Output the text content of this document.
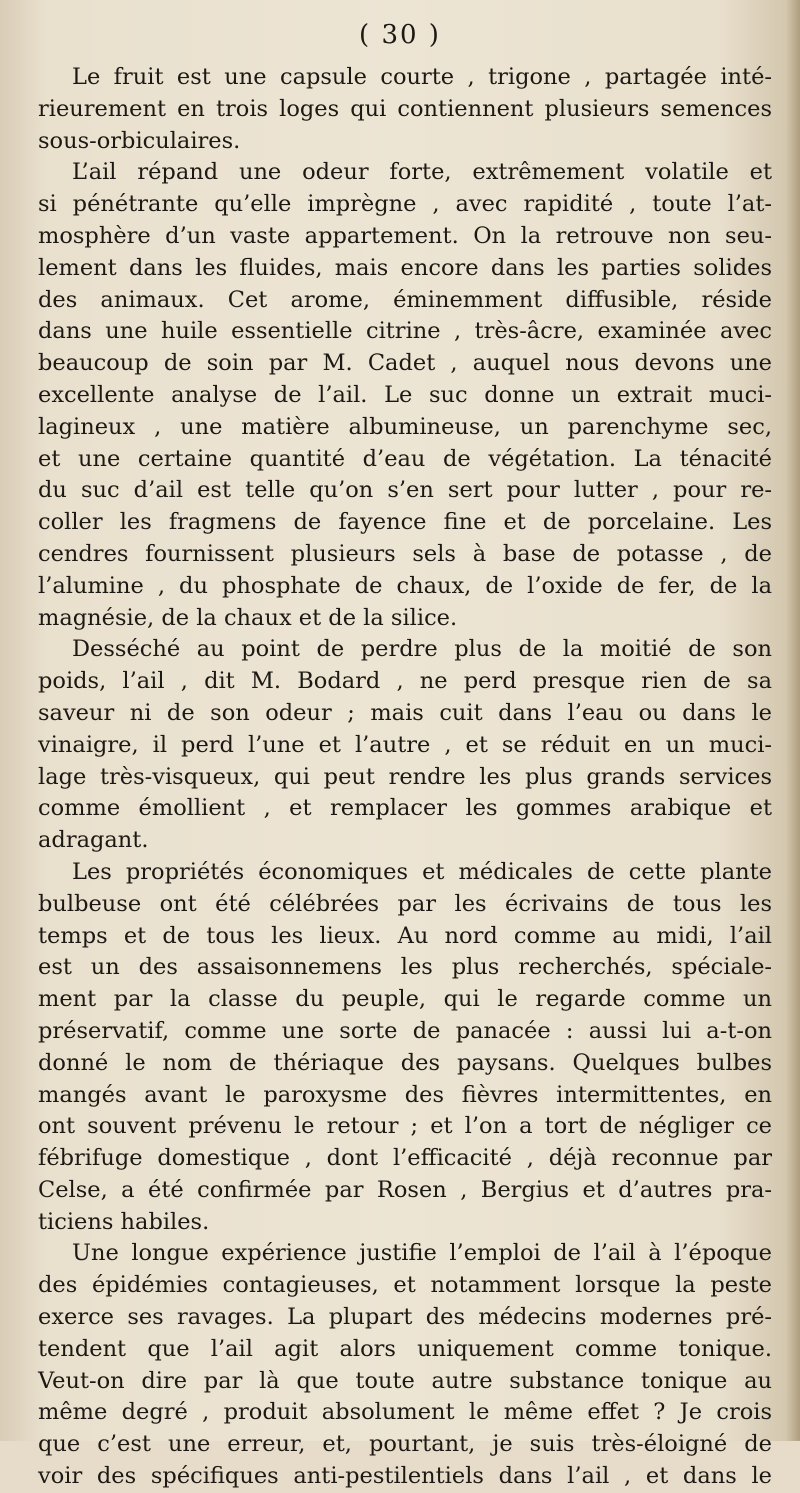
( 30 )
Le fruit est une capsule courte , trigone , partagée inté-
rieurement en trois loges qui contiennent plusieurs semences
sous-orbiculaires.
L’ail répand une odeur forte, extrêmement volatile et
si pénétrante qu’elle imprègne , avec rapidité , toute l’at-
mosphère d’un vaste appartement. On la retrouve non seu-
lement dans les fluides, mais encore dans les parties solides
des animaux. Cet arome, éminemment diffusible, réside
dans une huile essentielle citrine , très-âcre, examinée avec
beaucoup de soin par M. Cadet , auquel nous devons une
excellente analyse de l’ail. Le suc donne un extrait muci-
lagineux , une matière albumineuse, un parenchyme sec,
et une certaine quantité d’eau de végétation. La ténacité
du suc d’ail est telle qu’on s’en sert pour lutter , pour re-
coller les fragmens de fayence fine et de porcelaine. Les
cendres fournissent plusieurs sels à base de potasse , de
l’alumine , du phosphate de chaux, de l’oxide de fer, de la
magnésie, de la chaux et de la silice.
Desséché au point de perdre plus de la moitié de son
poids, l’ail , dit M. Bodard , ne perd presque rien de sa
saveur ni de son odeur ; mais cuit dans l’eau ou dans le
vinaigre, il perd l’une et l’autre , et se réduit en un muci-
lage très-visqueux, qui peut rendre les plus grands services
comme émollient , et remplacer les gommes arabique et
adragant.
Les propriétés économiques et médicales de cette plante
bulbeuse ont été célébrées par les écrivains de tous les
temps et de tous les lieux. Au nord comme au midi, l’ail
est un des assaisonnemens les plus recherchés, spéciale-
ment par la classe du peuple, qui le regarde comme un
préservatif, comme une sorte de panacée : aussi lui a-t-on
donné le nom de thériaque des paysans. Quelques bulbes
mangés avant le paroxysme des fièvres intermittentes, en
ont souvent prévenu le retour ; et l’on a tort de négliger ce
fébrifuge domestique , dont l’efficacité , déjà reconnue par
Celse, a été confirmée par Rosen , Bergius et d’autres pra-
ticiens habiles.
Une longue expérience justifie l’emploi de l’ail à l’époque
des épidémies contagieuses, et notamment lorsque la peste
exerce ses ravages. La plupart des médecins modernes pré-
tendent que l’ail agit alors uniquement comme tonique.
Veut-on dire par là que toute autre substance tonique au
même degré , produit absolument le même effet ? Je crois
que c’est une erreur, et, pourtant, je suis très-éloigné de
voir des spécifiques anti-pestilentiels dans l’ail , et dans le
